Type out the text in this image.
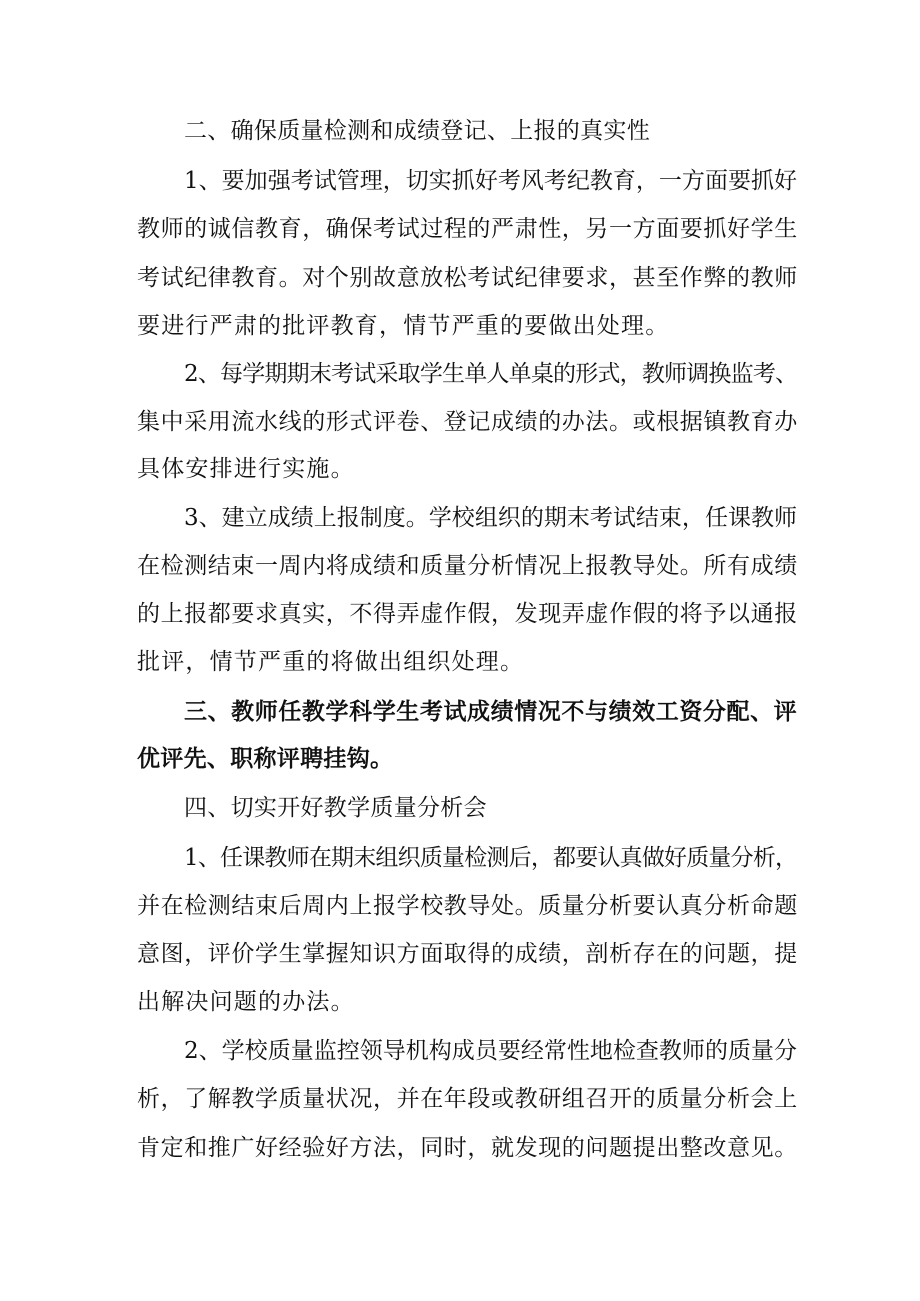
二、确保质量检测和成绩登记、上报的真实性
1、要加强考试管理，切实抓好考风考纪教育，一方面要抓好
教师的诚信教育，确保考试过程的严肃性，另一方面要抓好学生
考试纪律教育。对个别故意放松考试纪律要求，甚至作弊的教师
要进行严肃的批评教育，情节严重的要做出处理。
2、每学期期末考试采取学生单人单桌的形式，教师调换监考、
集中采用流水线的形式评卷、登记成绩的办法。或根据镇教育办
具体安排进行实施。
3、建立成绩上报制度。学校组织的期末考试结束，任课教师
在检测结束一周内将成绩和质量分析情况上报教导处。所有成绩
的上报都要求真实，不得弄虚作假，发现弄虚作假的将予以通报
批评，情节严重的将做出组织处理。
三、教师任教学科学生考试成绩情况不与绩效工资分配、评
优评先、职称评聘挂钩。
四、切实开好教学质量分析会
1、任课教师在期末组织质量检测后，都要认真做好质量分析，
并在检测结束后周内上报学校教导处。质量分析要认真分析命题
意图，评价学生掌握知识方面取得的成绩，剖析存在的问题，提
出解决问题的办法。
2、学校质量监控领导机构成员要经常性地检查教师的质量分
析，了解教学质量状况，并在年段或教研组召开的质量分析会上
肯定和推广好经验好方法，同时，就发现的问题提出整改意见。
